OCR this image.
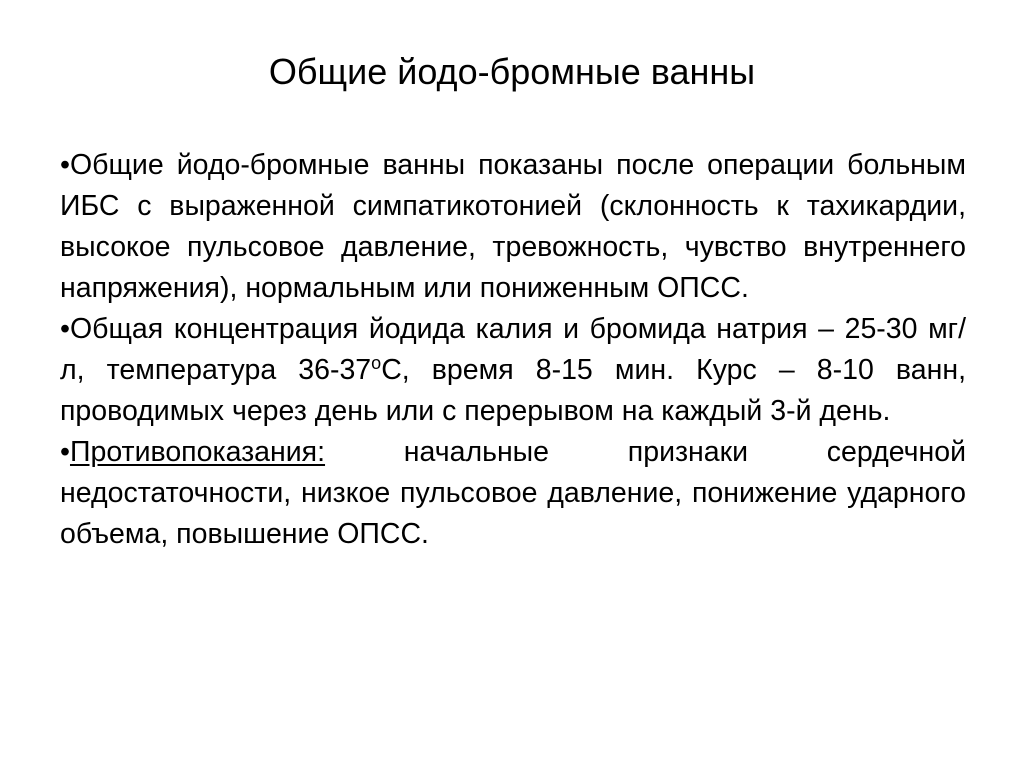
Общие йодо-бромные ванны

•Общие йодо-бромные ванны показаны после операции больным ИБС с выраженной симпатикотонией (склонность к тахикардии, высокое пульсовое давление, тревожность, чувство внутреннего напряжения), нормальным или пониженным ОПСС.

•Общая концентрация йодида калия и бромида натрия – 25-30 мг/л, температура $36-37^оС$, время 8-15 мин. Курс – 8-10 ванн, проводимых через день или с перерывом на каждый 3-й день.

•Противопоказания: начальные признаки сердечной недостаточности, низкое пульсовое давление, понижение ударного объема, повышение ОПСС.
